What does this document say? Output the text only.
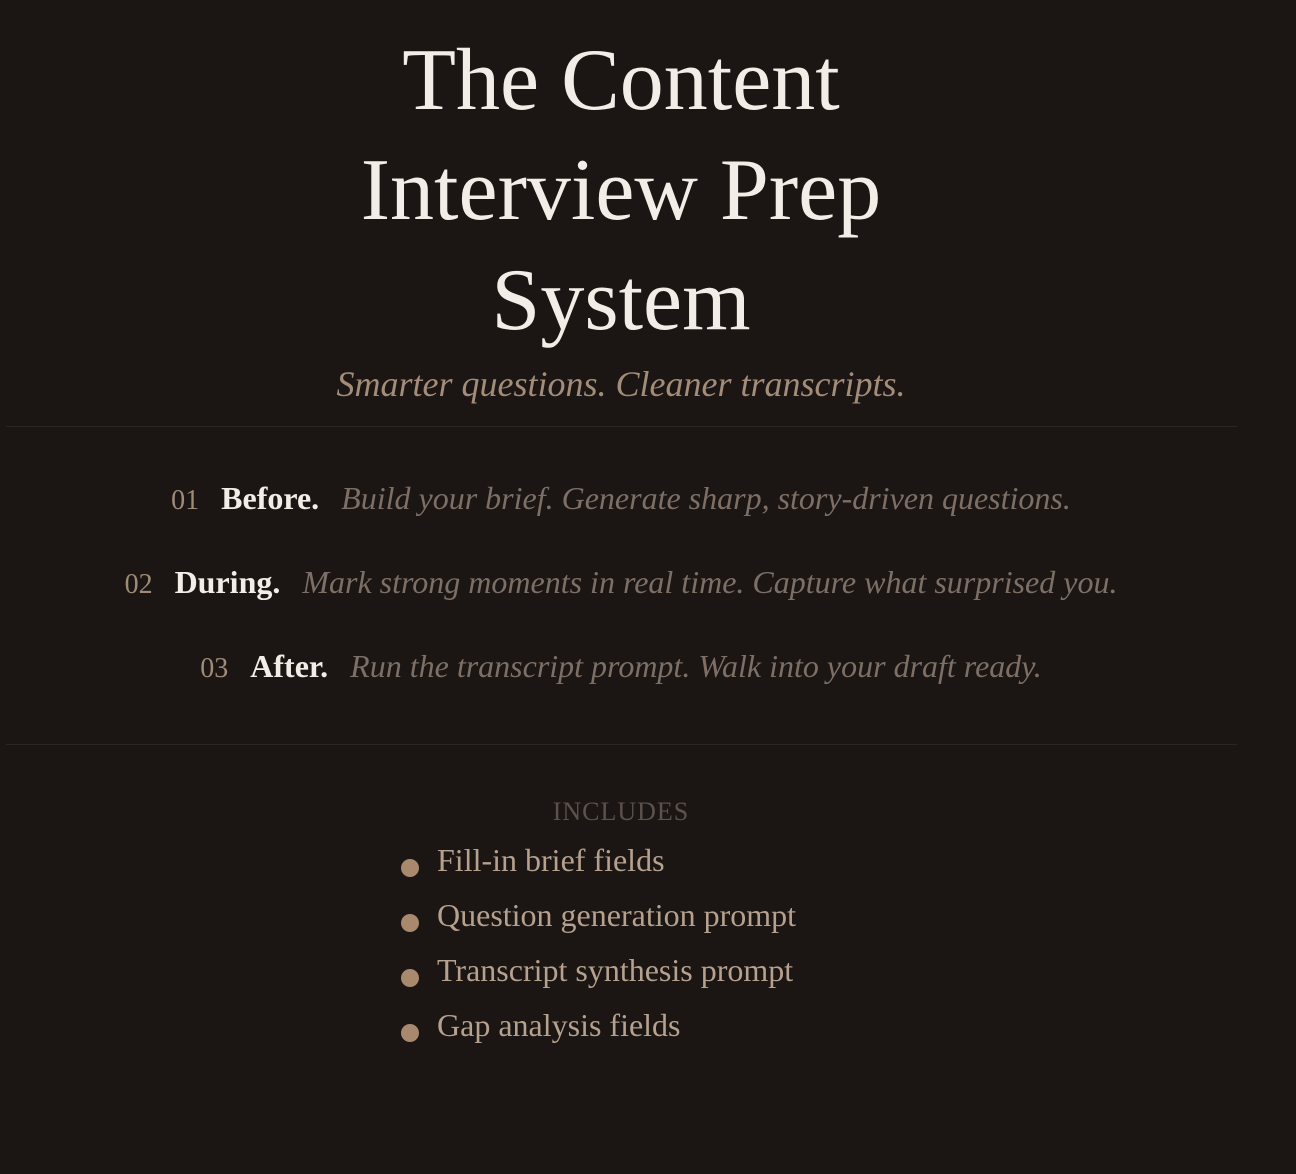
The Content
Interview Prep
System
Smarter questions. Cleaner transcripts.
01 Before. Build your brief. Generate sharp, story-driven questions.
02 During. Mark strong moments in real time. Capture what surprised you.
03 After. Run the transcript prompt. Walk into your draft ready.
INCLUDES
Fill-in brief fields
Question generation prompt
Transcript synthesis prompt
Gap analysis fields
